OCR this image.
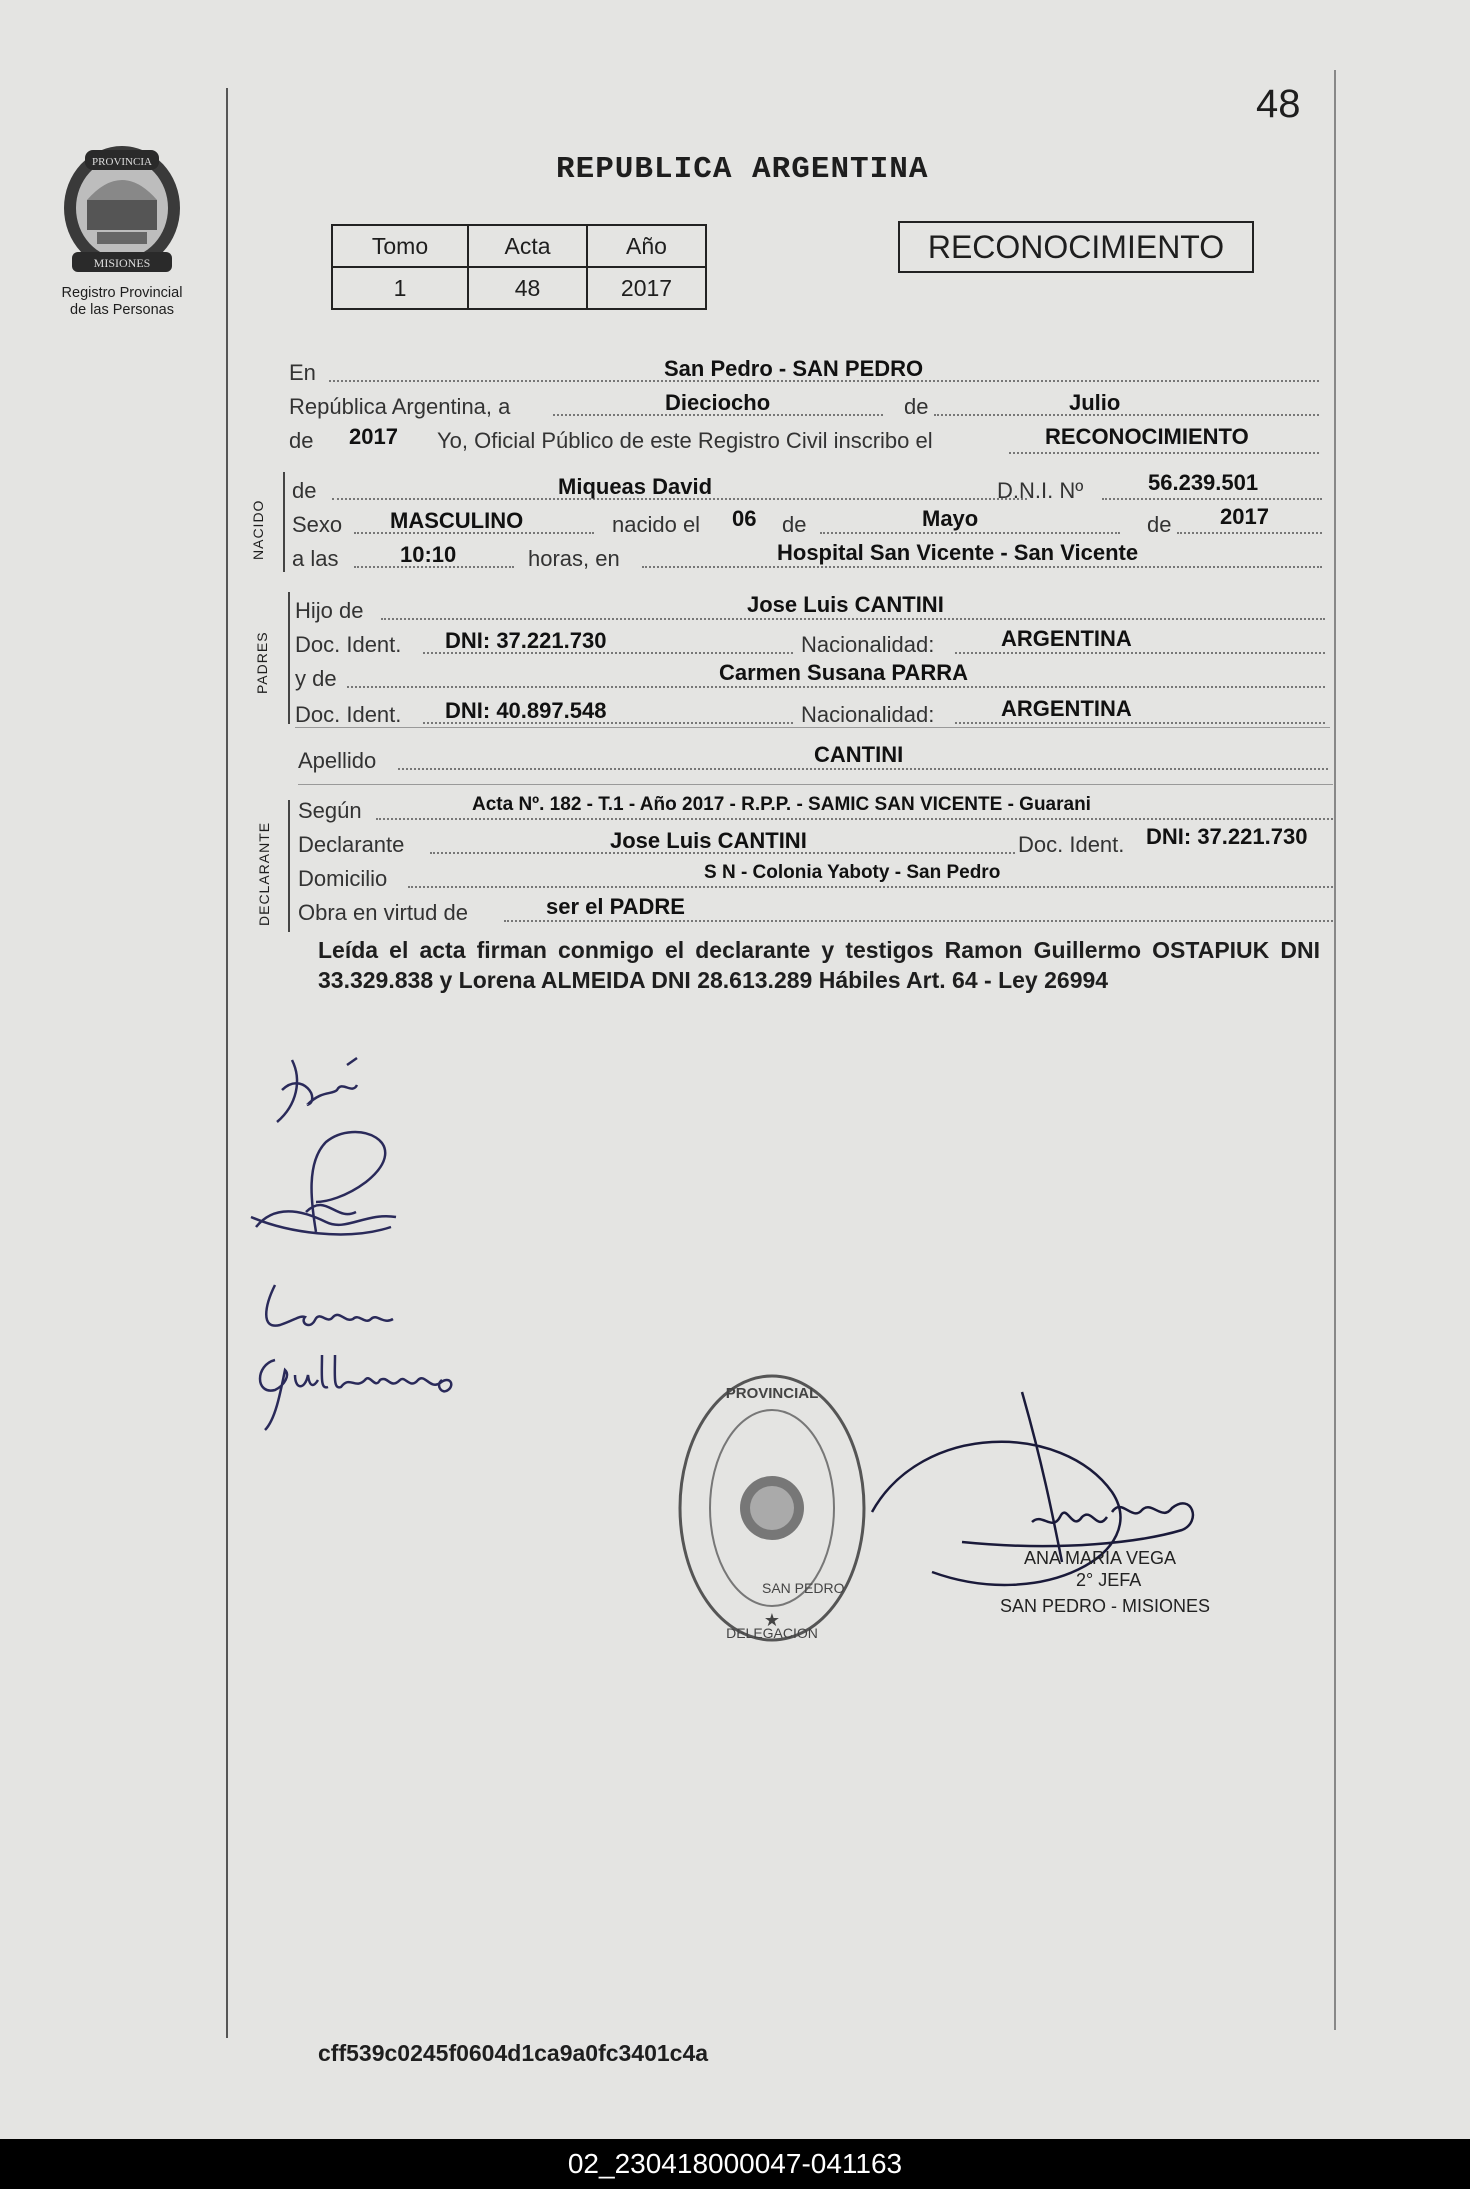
48
PROVINCIA
MISIONES
Registro Provincial
de las Personas
REPUBLICA ARGENTINA
Tomo	Acta	Año
1	48	2017
RECONOCIMIENTO
En	San Pedro - SAN PEDRO
República Argentina, a	Dieciocho	de	Julio
de 2017 Yo, Oficial Público de este Registro Civil inscribo el	RECONOCIMIENTO
NACIDO
de	Miqueas David	D.N.I. Nº	56.239.501
Sexo MASCULINO	nacido el 06 de	Mayo	de 2017
a las	10:10	horas, en	Hospital San Vicente - San Vicente
PADRES
Hijo de	Jose Luis CANTINI
Doc. Ident. DNI: 37.221.730	Nacionalidad:	ARGENTINA
y de	Carmen Susana PARRA
Doc. Ident. DNI: 40.897.548	Nacionalidad:	ARGENTINA
Apellido	CANTINI
DECLARANTE
Según	Acta Nº. 182 - T.1 - Año 2017 - R.P.P. - SAMIC SAN VICENTE - Guarani
Declarante	Jose Luis CANTINI	Doc. Ident. DNI: 37.221.730
Domicilio	S N - Colonia Yaboty - San Pedro
Obra en virtud de	ser el PADRE
Leída el acta firman conmigo el declarante y testigos Ramon Guillermo OSTAPIUK DNI 33.329.838 y Lorena ALMEIDA DNI 28.613.289 Hábiles Art. 64 - Ley 26994
José
PROVINCIAL
DELEGACION
SAN PEDRO
★
ANA MARIA VEGA
2° JEFA
SAN PEDRO - MISIONES
cff539c0245f0604d1ca9a0fc3401c4a
02_230418000047-041163
